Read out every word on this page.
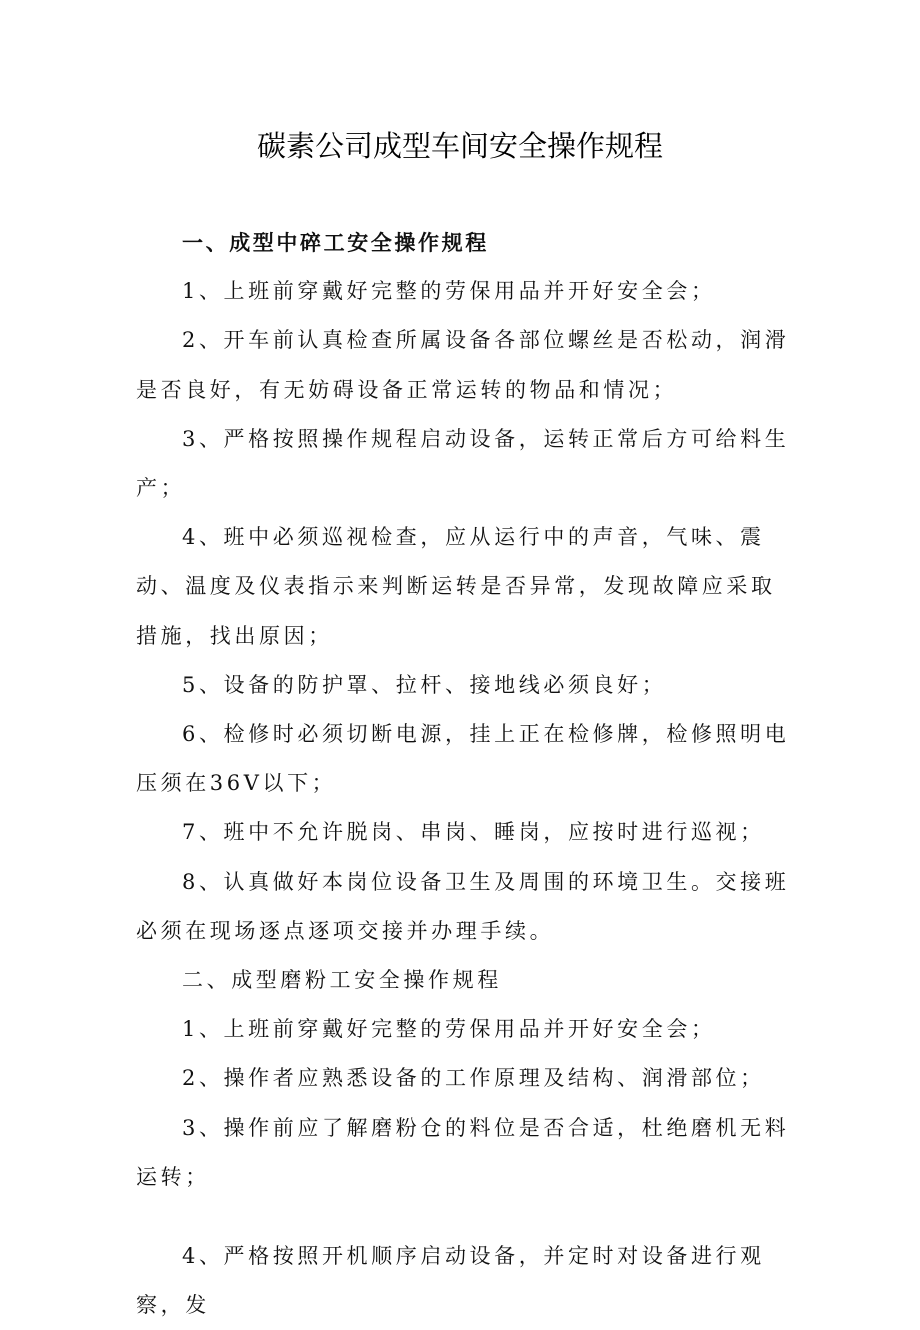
碳素公司成型车间安全操作规程

一、成型中碎工安全操作规程

1、上班前穿戴好完整的劳保用品并开好安全会；

2、开车前认真检查所属设备各部位螺丝是否松动，润滑是否良好，有无妨碍设备正常运转的物品和情况；

3、严格按照操作规程启动设备，运转正常后方可给料生产；

4、班中必须巡视检查，应从运行中的声音，气味、震动、温度及仪表指示来判断运转是否异常，发现故障应采取措施，找出原因；

5、设备的防护罩、拉杆、接地线必须良好；

6、检修时必须切断电源，挂上正在检修牌，检修照明电压须在36V以下；

7、班中不允许脱岗、串岗、睡岗，应按时进行巡视；

8、认真做好本岗位设备卫生及周围的环境卫生。交接班必须在现场逐点逐项交接并办理手续。

二、成型磨粉工安全操作规程

1、上班前穿戴好完整的劳保用品并开好安全会；

2、操作者应熟悉设备的工作原理及结构、润滑部位；

3、操作前应了解磨粉仓的料位是否合适，杜绝磨机无料运转；

4、严格按照开机顺序启动设备，并定时对设备进行观察，发
